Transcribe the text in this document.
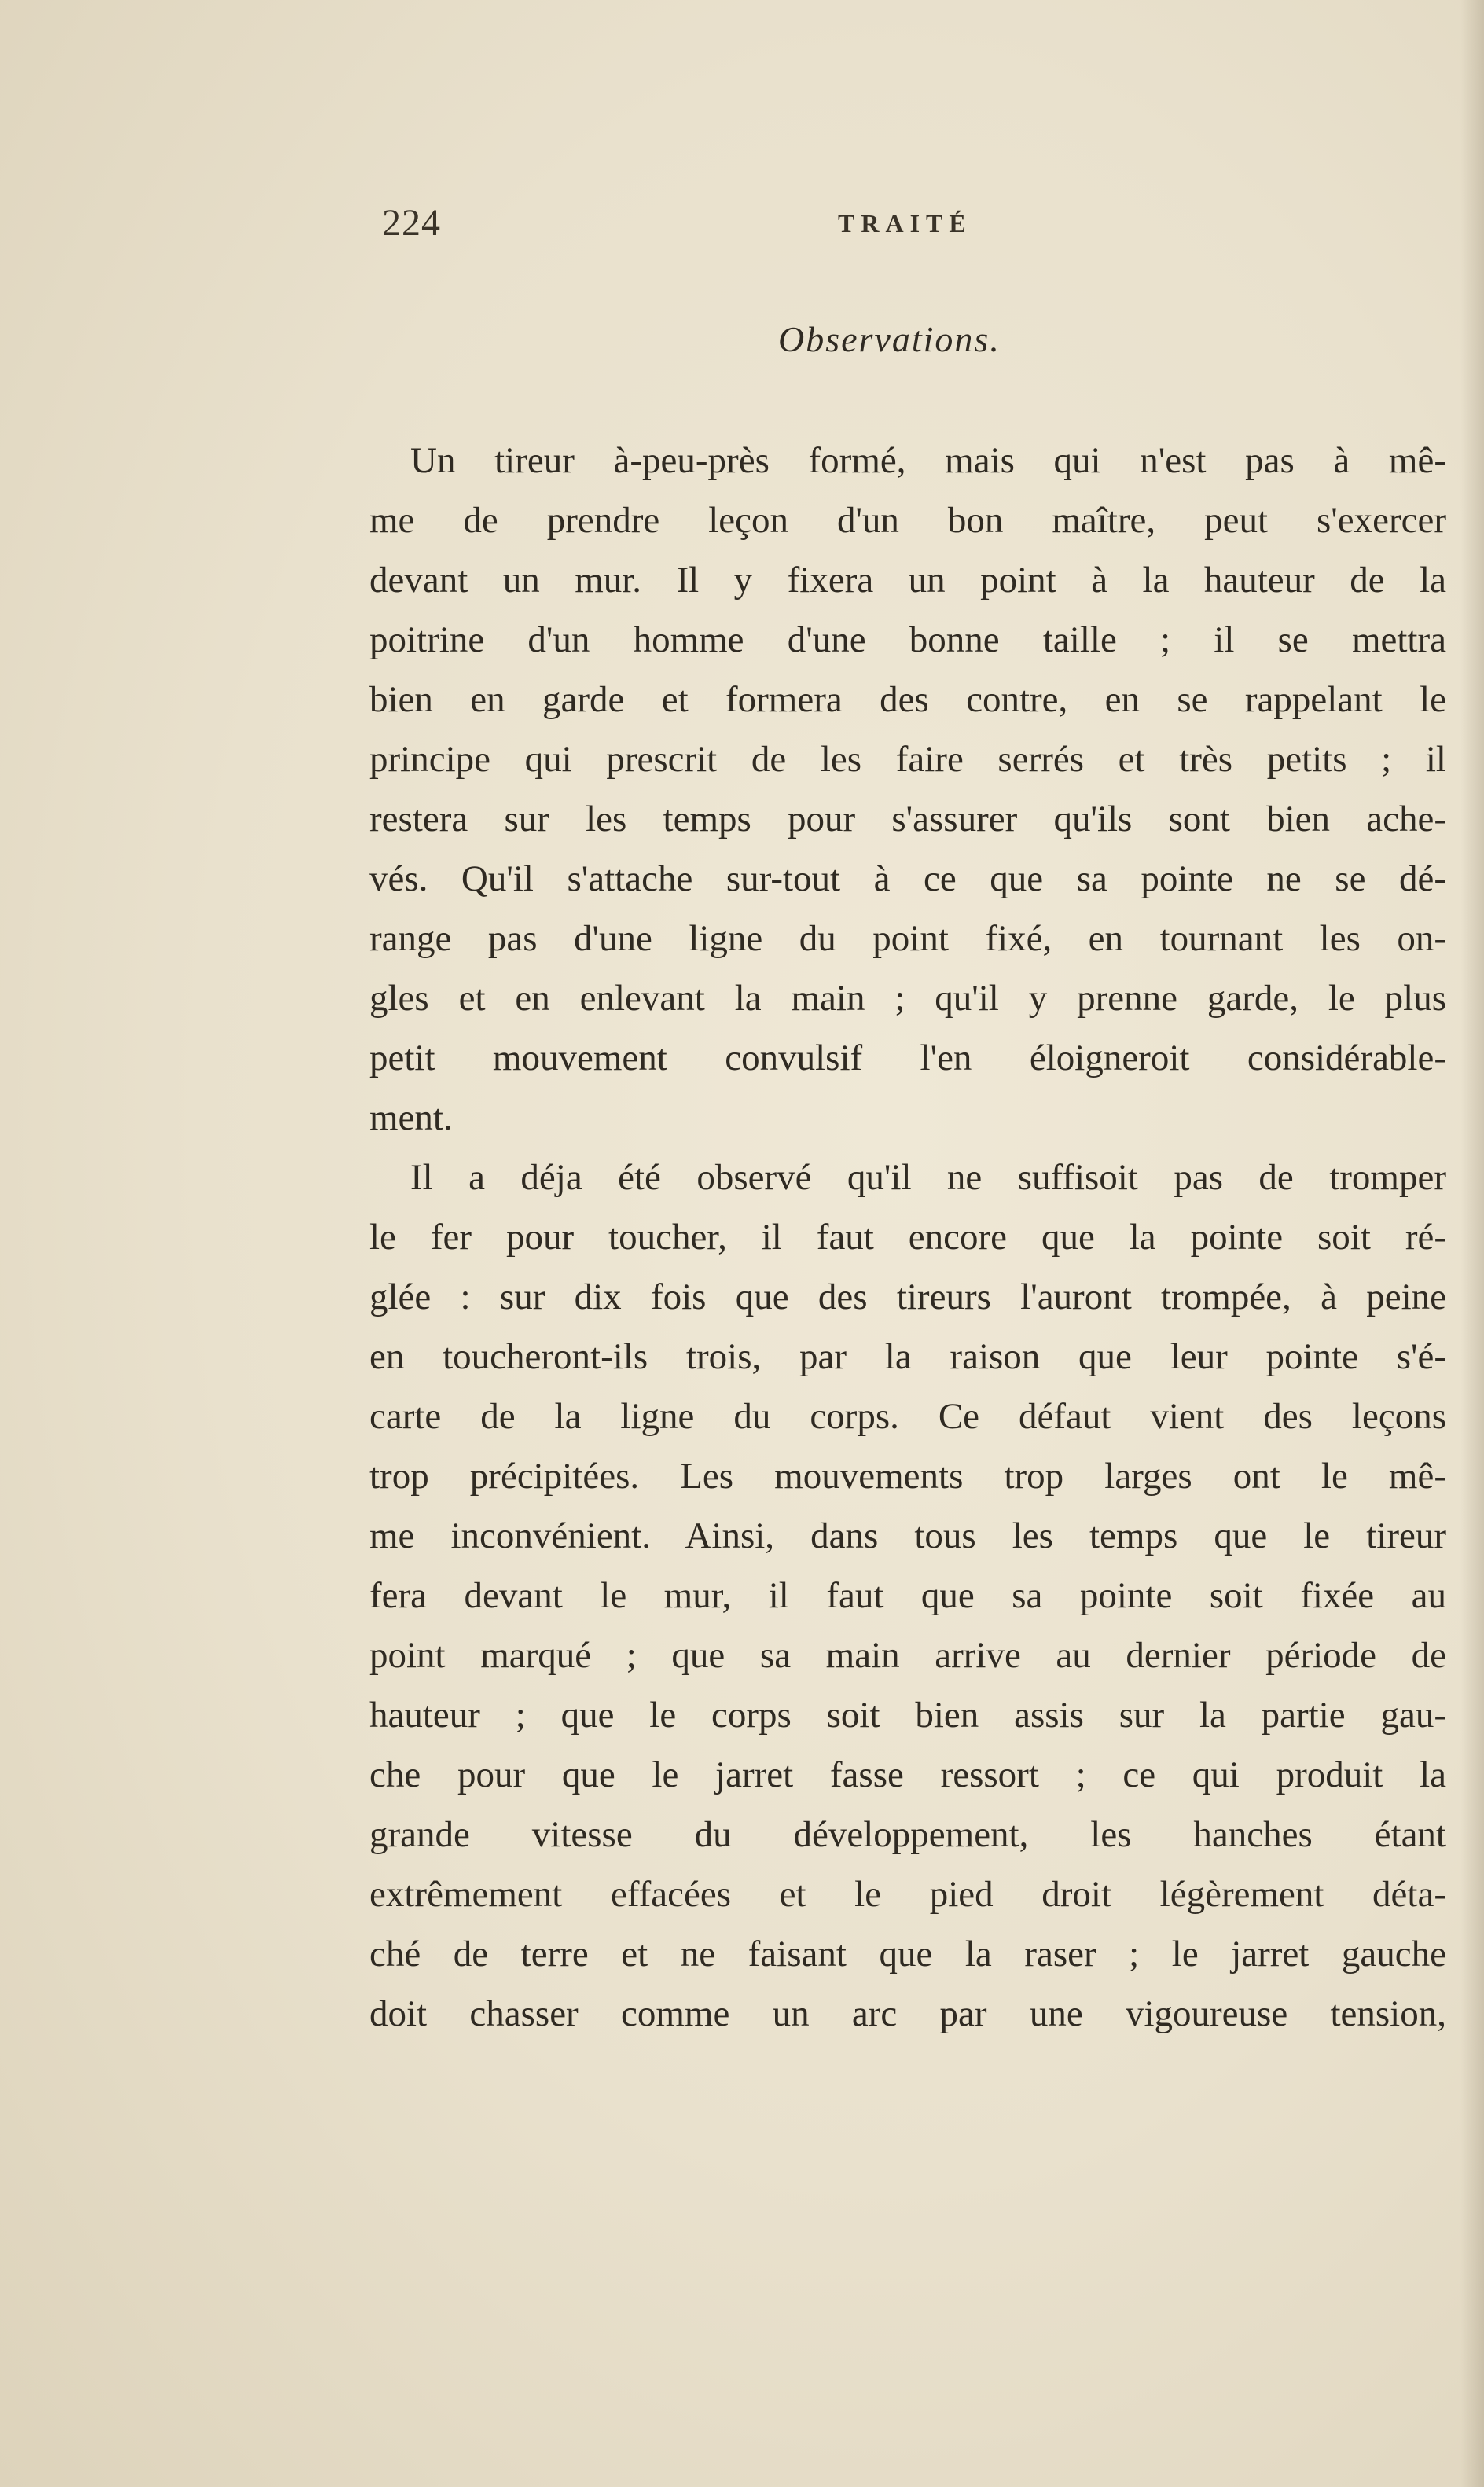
224	TRAITÉ
Observations.
Un tireur à-peu-près formé, mais qui n'est pas à mê-
me de prendre leçon d'un bon maître, peut s'exercer
devant un mur. Il y fixera un point à la hauteur de la
poitrine d'un homme d'une bonne taille ; il se mettra
bien en garde et formera des contre, en se rappelant le
principe qui prescrit de les faire serrés et très petits ; il
restera sur les temps pour s'assurer qu'ils sont bien ache-
vés. Qu'il s'attache sur-tout à ce que sa pointe ne se dé-
range pas d'une ligne du point fixé, en tournant les on-
gles et en enlevant la main ; qu'il y prenne garde, le plus
petit mouvement convulsif l'en éloigneroit considérable-
ment.
Il a déja été observé qu'il ne suffisoit pas de tromper
le fer pour toucher, il faut encore que la pointe soit ré-
glée : sur dix fois que des tireurs l'auront trompée, à peine
en toucheront-ils trois, par la raison que leur pointe s'é-
carte de la ligne du corps. Ce défaut vient des leçons
trop précipitées. Les mouvements trop larges ont le mê-
me inconvénient. Ainsi, dans tous les temps que le tireur
fera devant le mur, il faut que sa pointe soit fixée au
point marqué ; que sa main arrive au dernier période de
hauteur ; que le corps soit bien assis sur la partie gau-
che pour que le jarret fasse ressort ; ce qui produit la
grande vitesse du développement, les hanches étant
extrêmement effacées et le pied droit légèrement déta-
ché de terre et ne faisant que la raser ; le jarret gauche
doit chasser comme un arc par une vigoureuse tension,
